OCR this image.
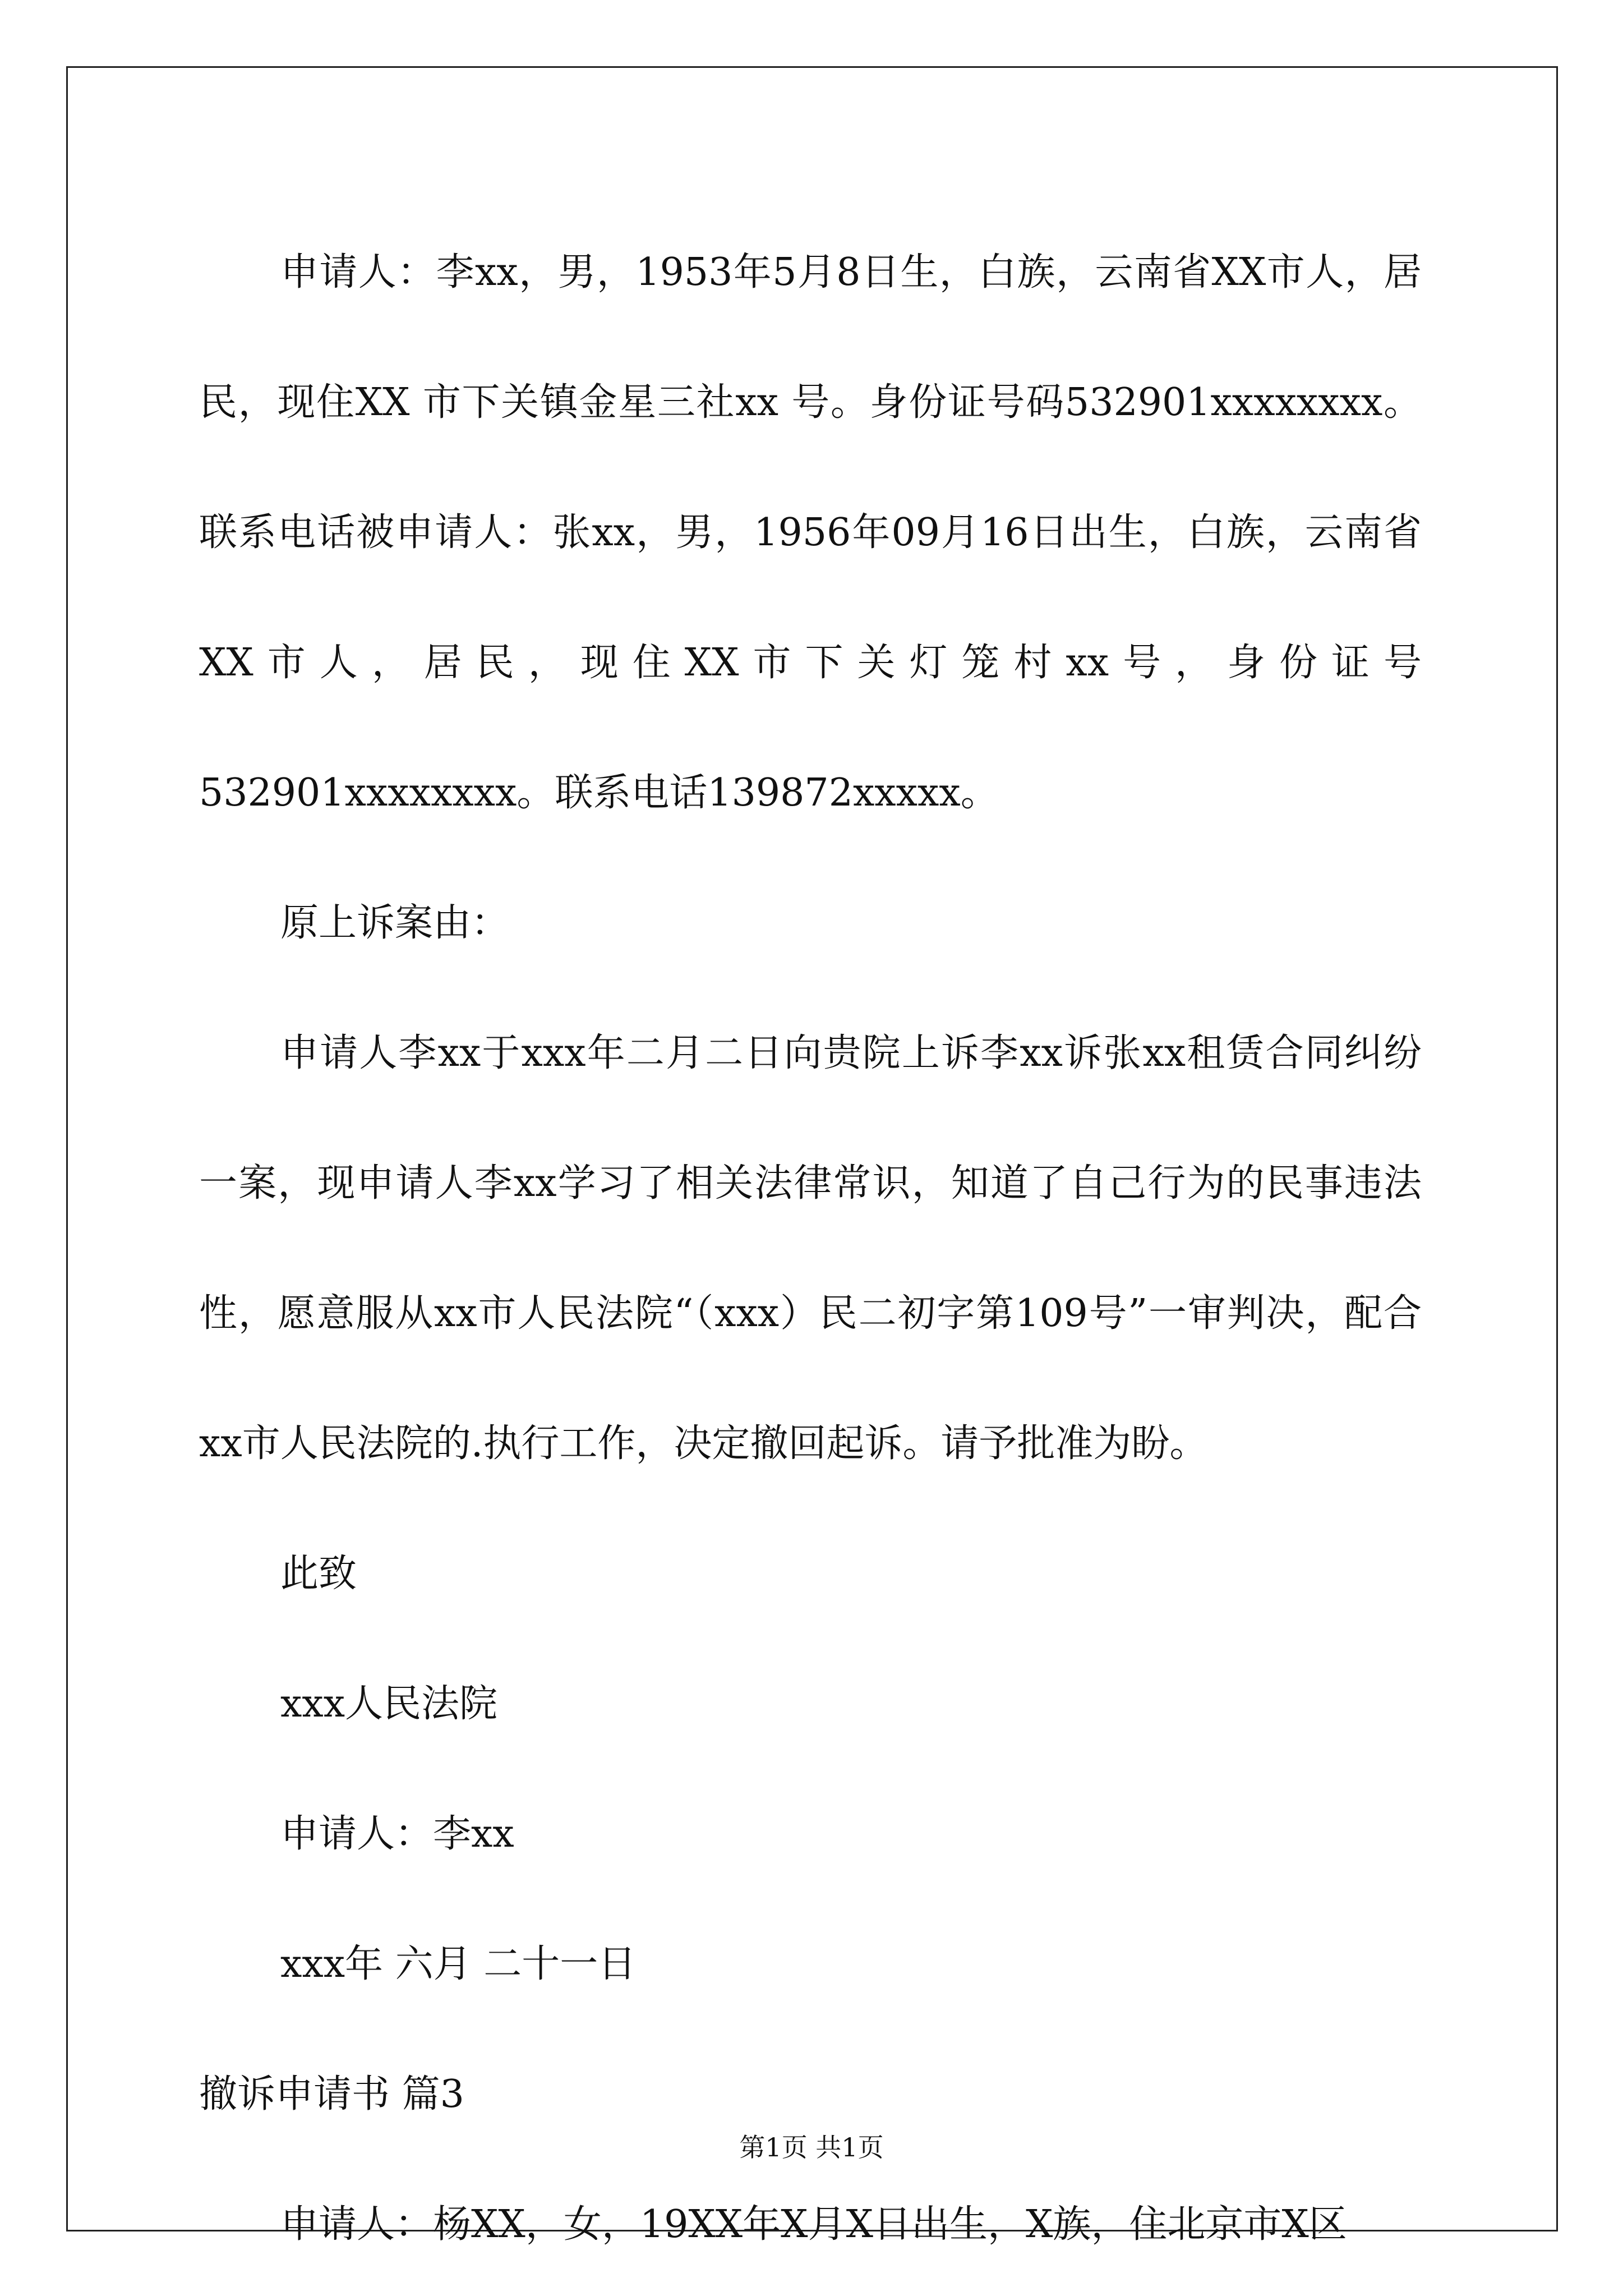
申请人：李xx，男，1953年5月8日生，白族，云南省XX市人，居民，现住XX 市下关镇金星三社xx 号。身份证号码532901xxxxxxxx。联系电话被申请人：张xx，男，1956年09月16日出生，白族，云南省XX市人，居民，现住XX市下关灯笼村xx号，身份证号532901xxxxxxxx。联系电话139872xxxxx。

原上诉案由：

申请人李xx于xxx年二月二日向贵院上诉李xx诉张xx租赁合同纠纷一案，现申请人李xx学习了相关法律常识，知道了自己行为的民事违法性，愿意服从xx市人民法院“（xxx）民二初字第109号”一审判决，配合xx市人民法院的.执行工作，决定撤回起诉。请予批准为盼。

此致

xxx人民法院

申请人：李xx

xxx年 六月 二十一日

撤诉申请书 篇3

申请人：杨XX，女，19XX年X月X日出生，X族，住北京市X区

第1页 共1页
